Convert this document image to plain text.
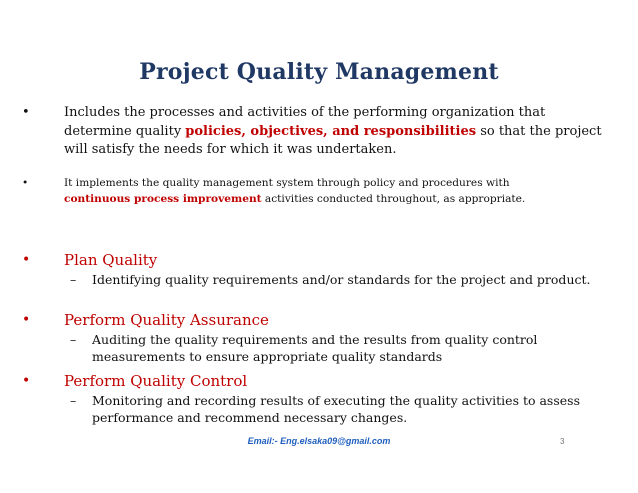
Project Quality Management
•	Includes the processes and activities of the performing organization that determine quality policies, objectives, and responsibilities so that the project will satisfy the needs for which it was undertaken.
•	It implements the quality management system through policy and procedures with continuous process improvement activities conducted throughout, as appropriate.
• Plan Quality
– Identifying quality requirements and/or standards for the project and product.
• Perform Quality Assurance
– Auditing the quality requirements and the results from quality control measurements to ensure appropriate quality standards
• Perform Quality Control
– Monitoring and recording results of executing the quality activities to assess performance and recommend necessary changes.
Email:- Eng.elsaka09@gmail.com	3
